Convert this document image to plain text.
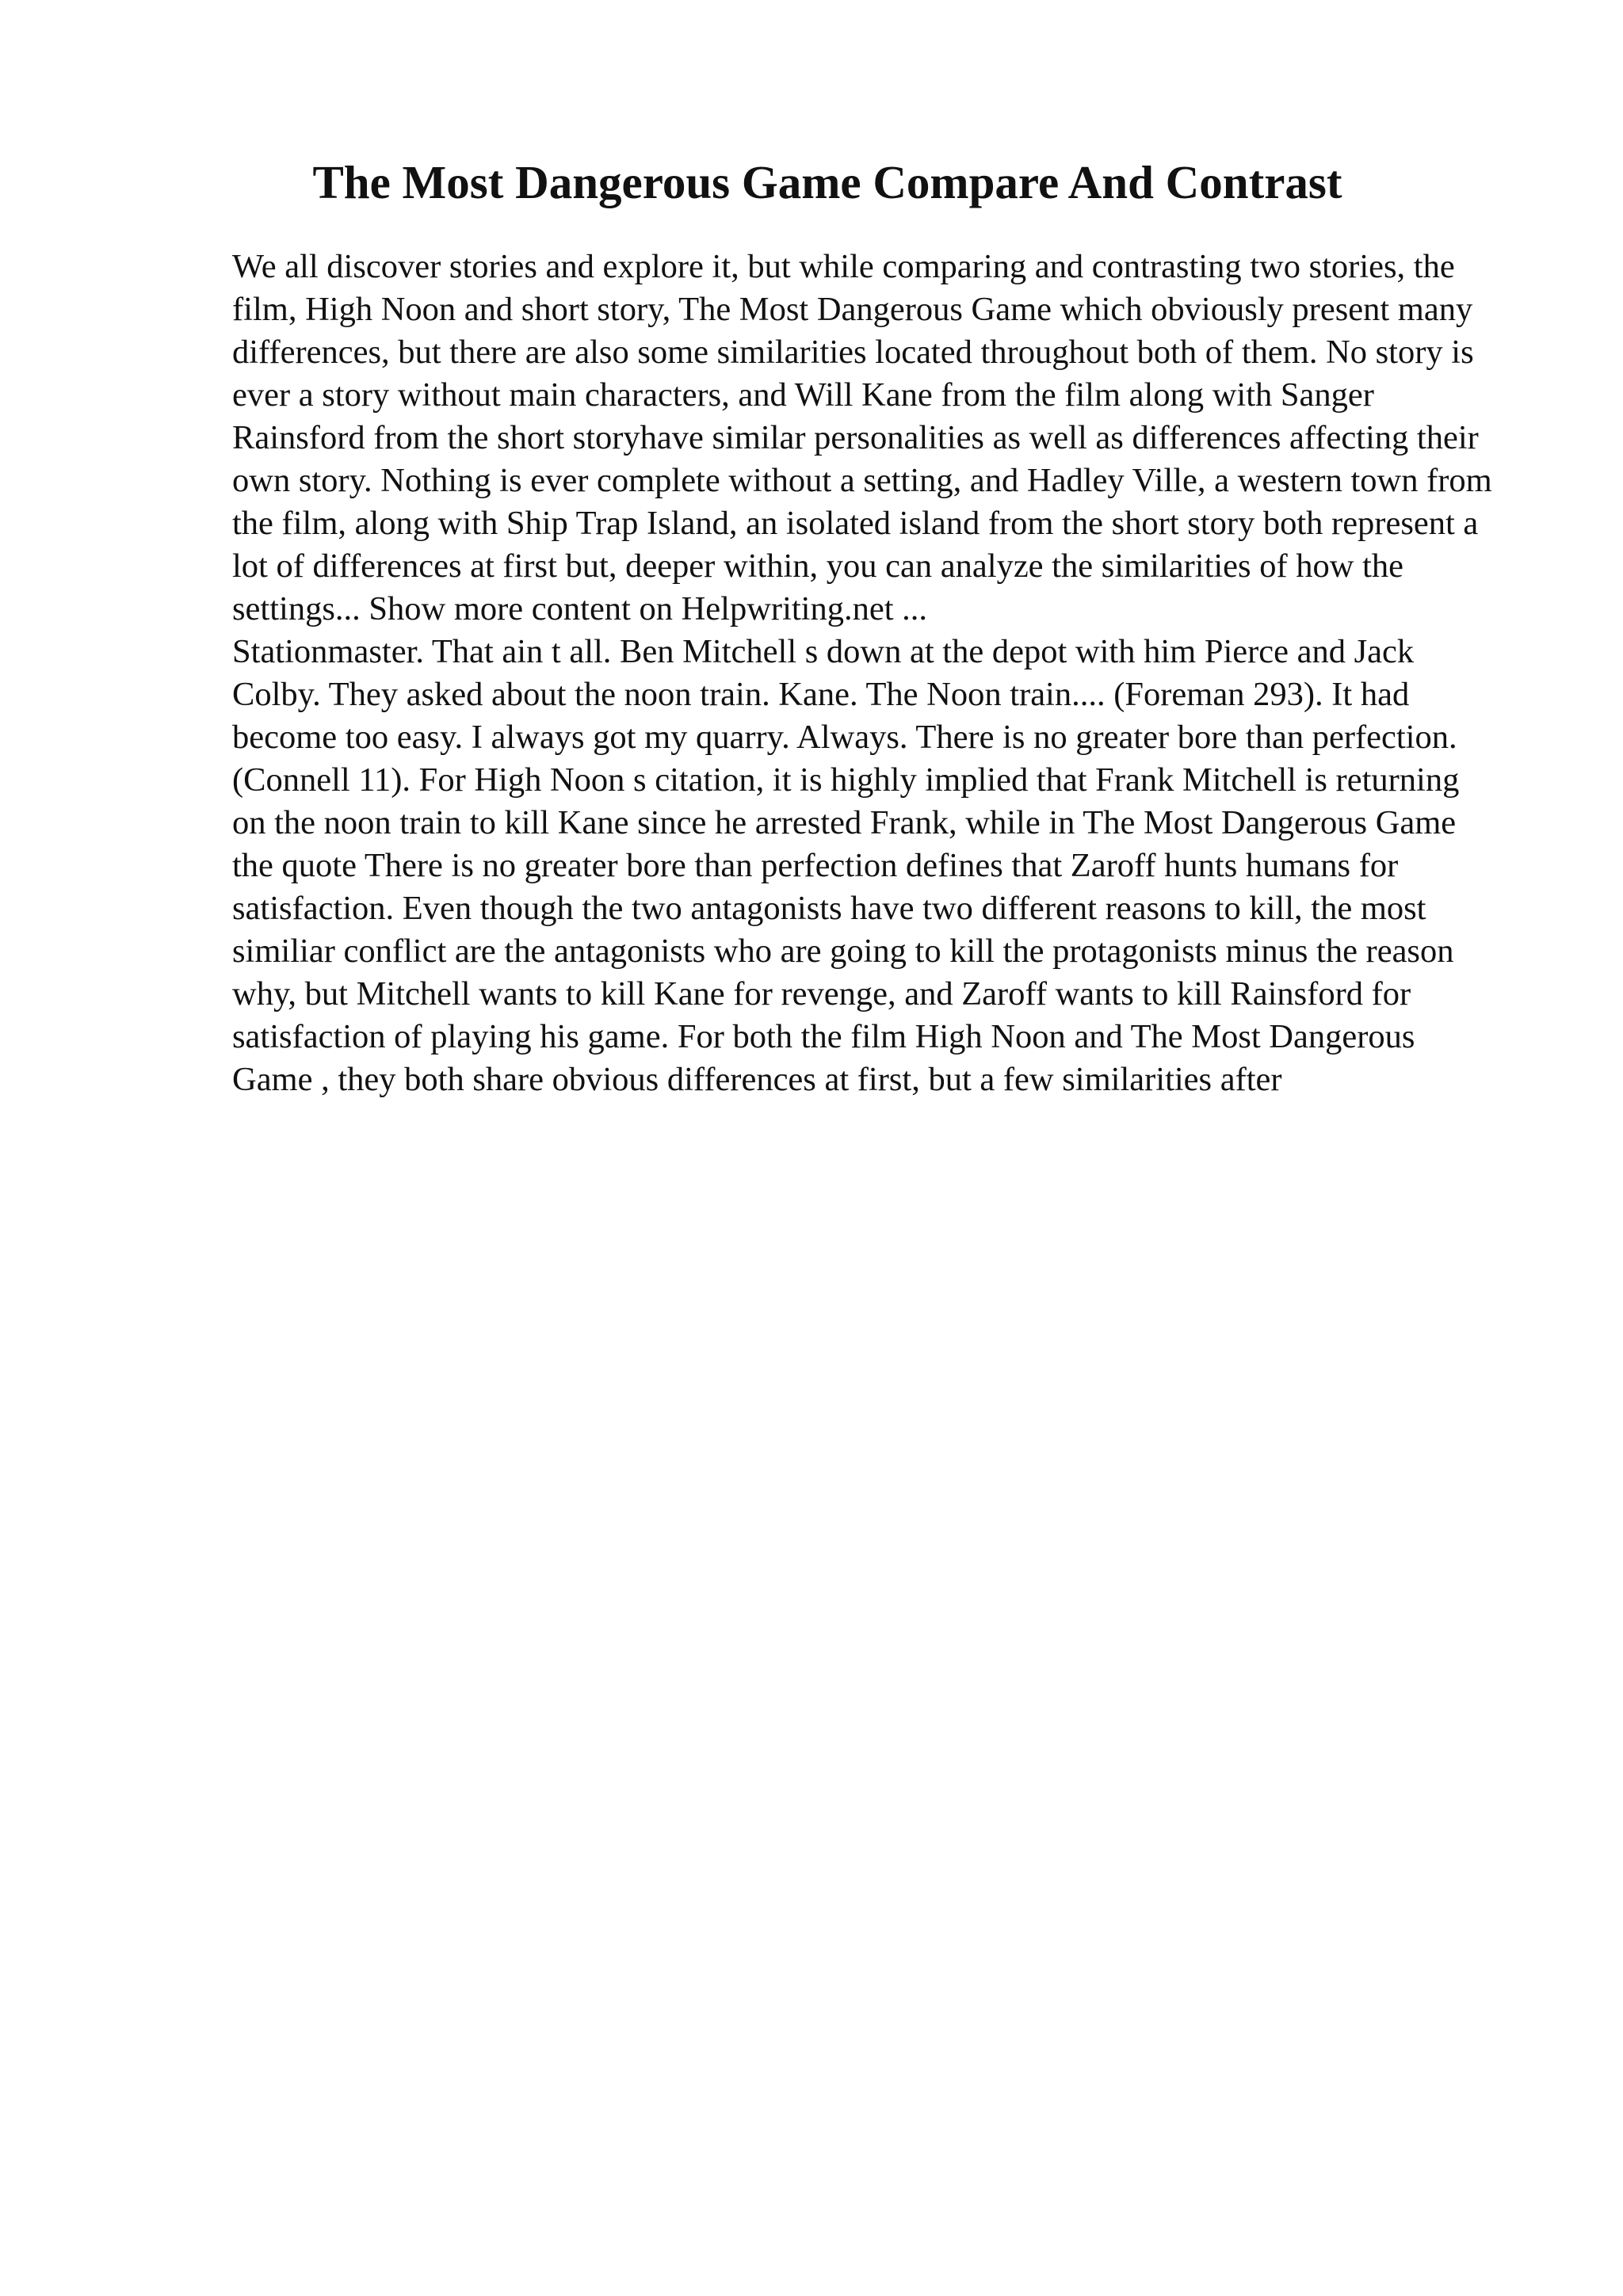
The Most Dangerous Game Compare And Contrast

We all discover stories and explore it, but while comparing and contrasting two stories, the film, High Noon and short story, The Most Dangerous Game which obviously present many differences, but there are also some similarities located throughout both of them. No story is ever a story without main characters, and Will Kane from the film along with Sanger Rainsford from the short storyhave similar personalities as well as differences affecting their own story. Nothing is ever complete without a setting, and Hadley Ville, a western town from the film, along with Ship Trap Island, an isolated island from the short story both represent a lot of differences at first but, deeper within, you can analyze the similarities of how the settings... Show more content on Helpwriting.net ...

Stationmaster. That ain t all. Ben Mitchell s down at the depot with him Pierce and Jack Colby. They asked about the noon train. Kane. The Noon train.... (Foreman 293). It had become too easy. I always got my quarry. Always. There is no greater bore than perfection. (Connell 11). For High Noon s citation, it is highly implied that Frank Mitchell is returning on the noon train to kill Kane since he arrested Frank, while in The Most Dangerous Game the quote There is no greater bore than perfection defines that Zaroff hunts humans for satisfaction. Even though the two antagonists have two different reasons to kill, the most similiar conflict are the antagonists who are going to kill the protagonists minus the reason why, but Mitchell wants to kill Kane for revenge, and Zaroff wants to kill Rainsford for satisfaction of playing his game. For both the film High Noon and The Most Dangerous Game , they both share obvious differences at first, but a few similarities after
